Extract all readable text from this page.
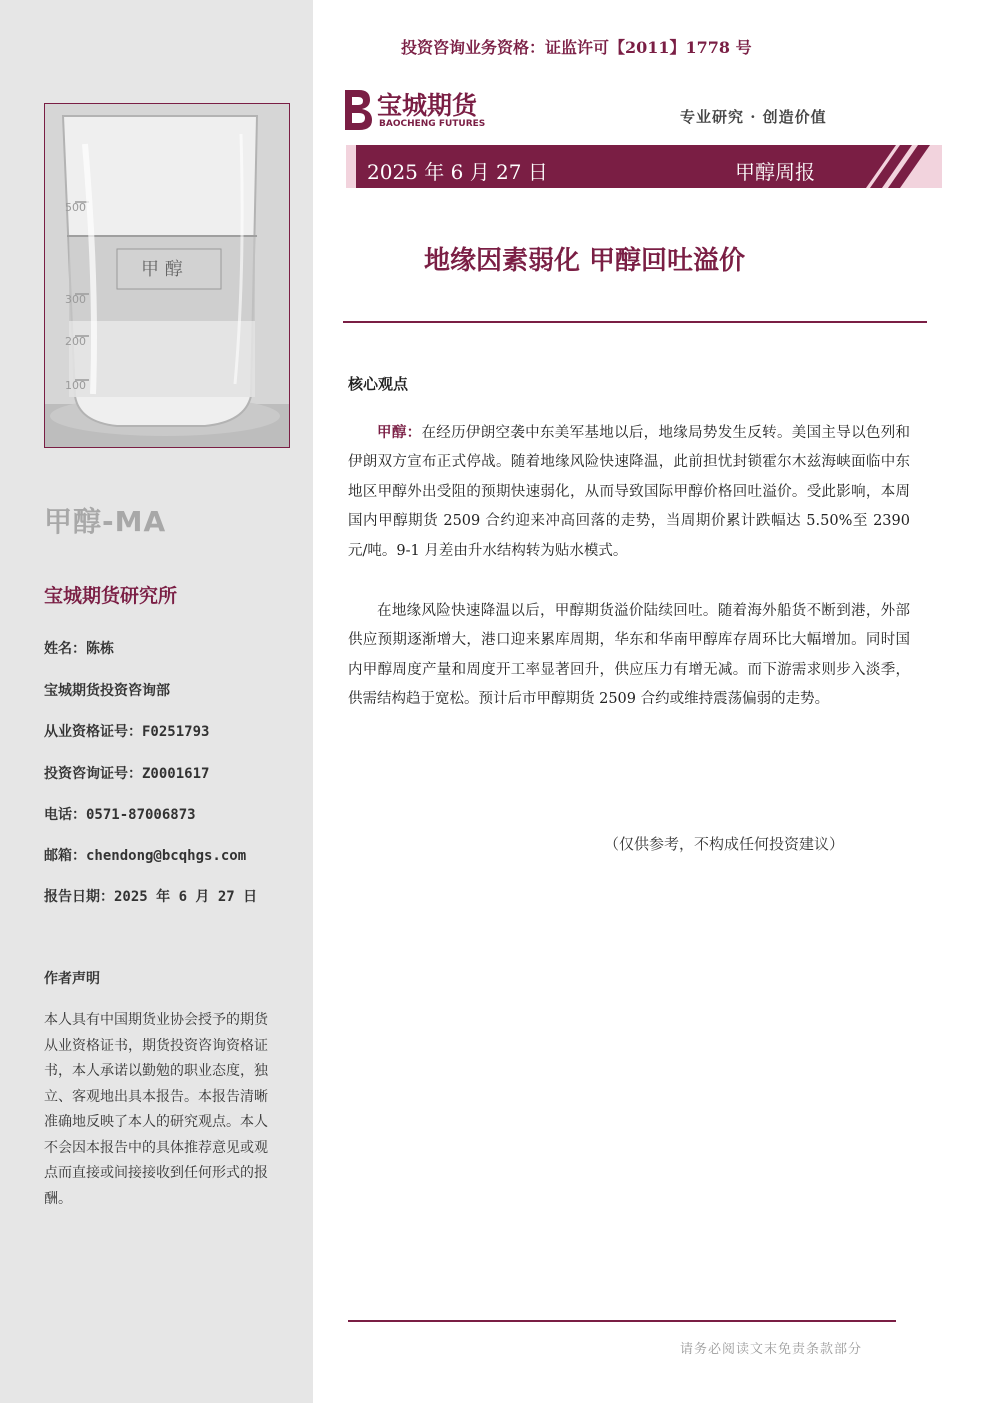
甲 醇
500
300
200
100
甲醇-MA
宝城期货研究所
姓名：陈栋
宝城期货投资咨询部
从业资格证号：F0251793
投资咨询证号：Z0001617
电话：0571-87006873
邮箱：chendong@bcqhgs.com
报告日期：2025 年 6 月 27 日
作者声明
本人具有中国期货业协会授予的期货从业资格证书，期货投资咨询资格证书，本人承诺以勤勉的职业态度，独立、客观地出具本报告。本报告清晰准确地反映了本人的研究观点。本人不会因本报告中的具体推荐意见或观点而直接或间接接收到任何形式的报酬。
投资咨询业务资格：证监许可【2011】1778 号
宝城期货
BAOCHENG FUTURES	专业研究 · 创造价值
2025 年 6 月 27 日	甲醇周报
地缘因素弱化 甲醇回吐溢价
核心观点

甲醇：在经历伊朗空袭中东美军基地以后，地缘局势发生反转。美国主导以色列和伊朗双方宣布正式停战。随着地缘风险快速降温，此前担忧封锁霍尔木兹海峡面临中东地区甲醇外出受阻的预期快速弱化，从而导致国际甲醇价格回吐溢价。受此影响，本周国内甲醇期货 2509 合约迎来冲高回落的走势，当周期价累计跌幅达 5.50%至 2390 元/吨。9-1 月差由升水结构转为贴水模式。

在地缘风险快速降温以后，甲醇期货溢价陆续回吐。随着海外船货不断到港，外部供应预期逐渐增大，港口迎来累库周期，华东和华南甲醇库存周环比大幅增加。同时国内甲醇周度产量和周度开工率显著回升，供应压力有增无减。而下游需求则步入淡季，供需结构趋于宽松。预计后市甲醇期货 2509 合约或维持震荡偏弱的走势。

（仅供参考，不构成任何投资建议）
请务必阅读文末免责条款部分
